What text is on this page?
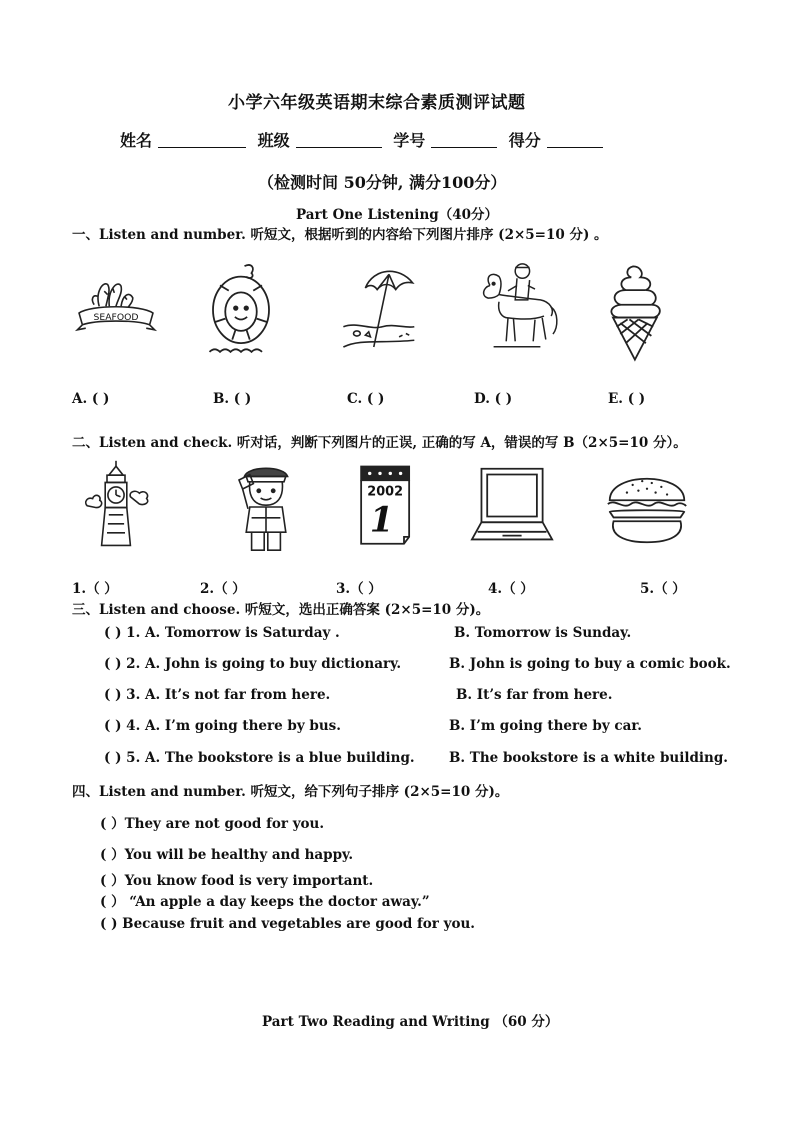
小学六年级英语期末综合素质测评试题
姓名	班级	学号	得分
（检测时间 50分钟, 满分100分）
Part One Listening（40分）
一、Listen and number. 听短文，根据听到的内容给下列图片排序 (2×5=10 分) 。
SEAFOOD
A. ( )	B. ( )	C. ( )	D. ( )	E. ( )
二、Listen and check. 听对话，判断下列图片的正误, 正确的写 A，错误的写 B（2×5=10 分）。
2002
1
1.（ ）	2.（ ）	3.（ ）	4.（ ）	5.（ ）
三、Listen and choose. 听短文，选出正确答案 (2×5=10 分)。
( ) 1. A. Tomorrow is Saturday .	B. Tomorrow is Sunday.
( ) 2. A. John is going to buy dictionary.	B. John is going to buy a comic book.
( ) 3. A. It’s not far from here.	B. It’s far from here.
( ) 4. A. I’m going there by bus.	B. I’m going there by car.
( ) 5. A. The bookstore is a blue building.	B. The bookstore is a white building.
四、Listen and number. 听短文，给下列句子排序 (2×5=10 分)。
( ）They are not good for you.
( ）You will be healthy and happy.
( ）You know food is very important.
( ） “An apple a day keeps the doctor away.”
( ) Because fruit and vegetables are good for you.
Part Two Reading and Writing （60 分）
